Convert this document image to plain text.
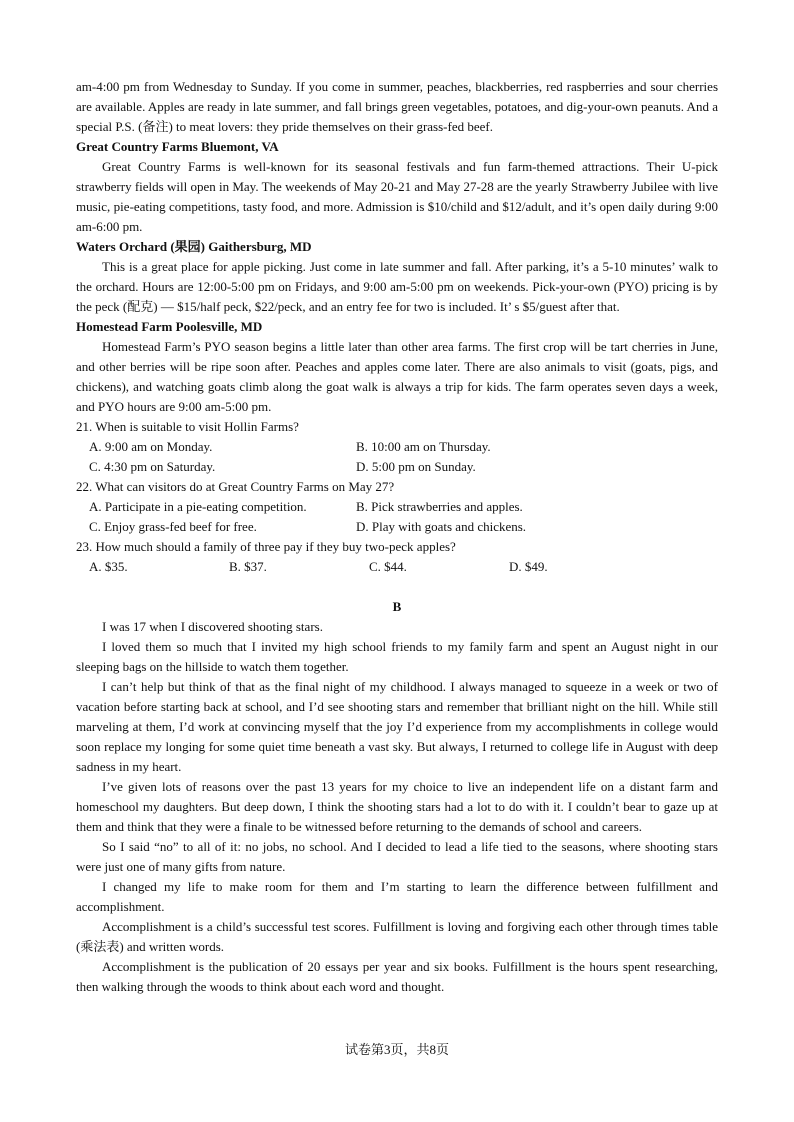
am-4:00 pm from Wednesday to Sunday. If you come in summer, peaches, blackberries, red raspberries and sour cherries are available. Apples are ready in late summer, and fall brings green vegetables, potatoes, and dig-your-own peanuts. And a special P.S. (备注) to meat lovers: they pride themselves on their grass-fed beef.

Great Country Farms Bluemont, VA

Great Country Farms is well-known for its seasonal festivals and fun farm-themed attractions. Their U-pick strawberry fields will open in May. The weekends of May 20-21 and May 27-28 are the yearly Strawberry Jubilee with live music, pie-eating competitions, tasty food, and more. Admission is $10/child and $12/adult, and it’s open daily during 9:00 am-6:00 pm.

Waters Orchard (果园) Gaithersburg, MD

This is a great place for apple picking. Just come in late summer and fall. After parking, it’s a 5-10 minutes’ walk to the orchard. Hours are 12:00-5:00 pm on Fridays, and 9:00 am-5:00 pm on weekends. Pick-your-own (PYO) pricing is by the peck (配克) — $15/half peck, $22/peck, and an entry fee for two is included. It’ s $5/guest after that.

Homestead Farm Poolesville, MD

Homestead Farm’s PYO season begins a little later than other area farms. The first crop will be tart cherries in June, and other berries will be ripe soon after. Peaches and apples come later. There are also animals to visit (goats, pigs, and chickens), and watching goats climb along the goat walk is always a trip for kids. The farm operates seven days a week, and PYO hours are 9:00 am-5:00 pm.

21. When is suitable to visit Hollin Farms?

A. 9:00 am on Monday.	B. 10:00 am on Thursday.
C. 4:30 pm on Saturday.	D. 5:00 pm on Sunday.

22. What can visitors do at Great Country Farms on May 27?

A. Participate in a pie-eating competition.	B. Pick strawberries and apples.
C. Enjoy grass-fed beef for free.	D. Play with goats and chickens.

23. How much should a family of three pay if they buy two-peck apples?

A. $35.	B. $37.	C. $44.	D. $49.

B

I was 17 when I discovered shooting stars.

I loved them so much that I invited my high school friends to my family farm and spent an August night in our sleeping bags on the hillside to watch them together.

I can’t help but think of that as the final night of my childhood. I always managed to squeeze in a week or two of vacation before starting back at school, and I’d see shooting stars and remember that brilliant night on the hill. While still marveling at them, I’d work at convincing myself that the joy I’d experience from my accomplishments in college would soon replace my longing for some quiet time beneath a vast sky. But always, I returned to college life in August with deep sadness in my heart.

I’ve given lots of reasons over the past 13 years for my choice to live an independent life on a distant farm and homeschool my daughters. But deep down, I think the shooting stars had a lot to do with it. I couldn’t bear to gaze up at them and think that they were a finale to be witnessed before returning to the demands of school and careers.

So I said “no” to all of it: no jobs, no school. And I decided to lead a life tied to the seasons, where shooting stars were just one of many gifts from nature.

I changed my life to make room for them and I’m starting to learn the difference between fulfillment and accomplishment.

Accomplishment is a child’s successful test scores. Fulfillment is loving and forgiving each other through times table (乘法表) and written words.

Accomplishment is the publication of 20 essays per year and six books. Fulfillment is the hours spent researching, then walking through the woods to think about each word and thought.

试卷第3页，共8页
